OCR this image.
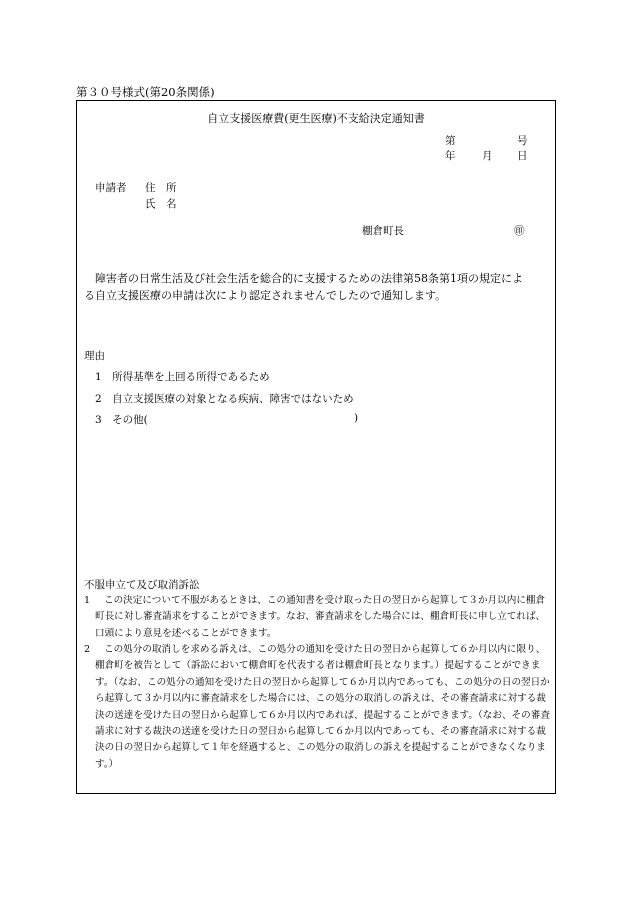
第３０号様式(第20条関係)
自立支援医療費(更生医療)不支給決定通知書
第	号
年	月 日
申請者 住　所
氏　名
棚倉町長	㊞
障害者の日常生活及び社会生活を総合的に支援するための法律第58条第1項の規定によ
る自立支援医療の申請は次により認定されませんでしたので通知します。
理由
1　所得基準を上回る所得であるため
2　自立支援医療の対象となる疾病、障害ではないため
3　その他(	)
不服申立て及び取消訴訟
1	この決定について不服があるときは、この通知書を受け取った日の翌日から起算して３か月以内に棚倉町長に対し審査請求をすることができます。なお、審査請求をした場合には、棚倉町長に申し立てれば、口頭により意見を述べることができます。
2	この処分の取消しを求める訴えは、この処分の通知を受けた日の翌日から起算して６か月以内に限り、棚倉町を被告として（訴訟において棚倉町を代表する者は棚倉町長となります。）提起することができます。（なお、この処分の通知を受けた日の翌日から起算して６か月以内であっても、この処分の日の翌日から起算して３か月以内に審査請求をした場合には、この処分の取消しの訴えは、その審査請求に対する裁決の送達を受けた日の翌日から起算して６か月以内であれば、提起することができます。（なお、その審査請求に対する裁決の送達を受けた日の翌日から起算して６か月以内であっても、その審査請求に対する裁決の日の翌日から起算して１年を経過すると、この処分の取消しの訴えを提起することができなくなります。）
